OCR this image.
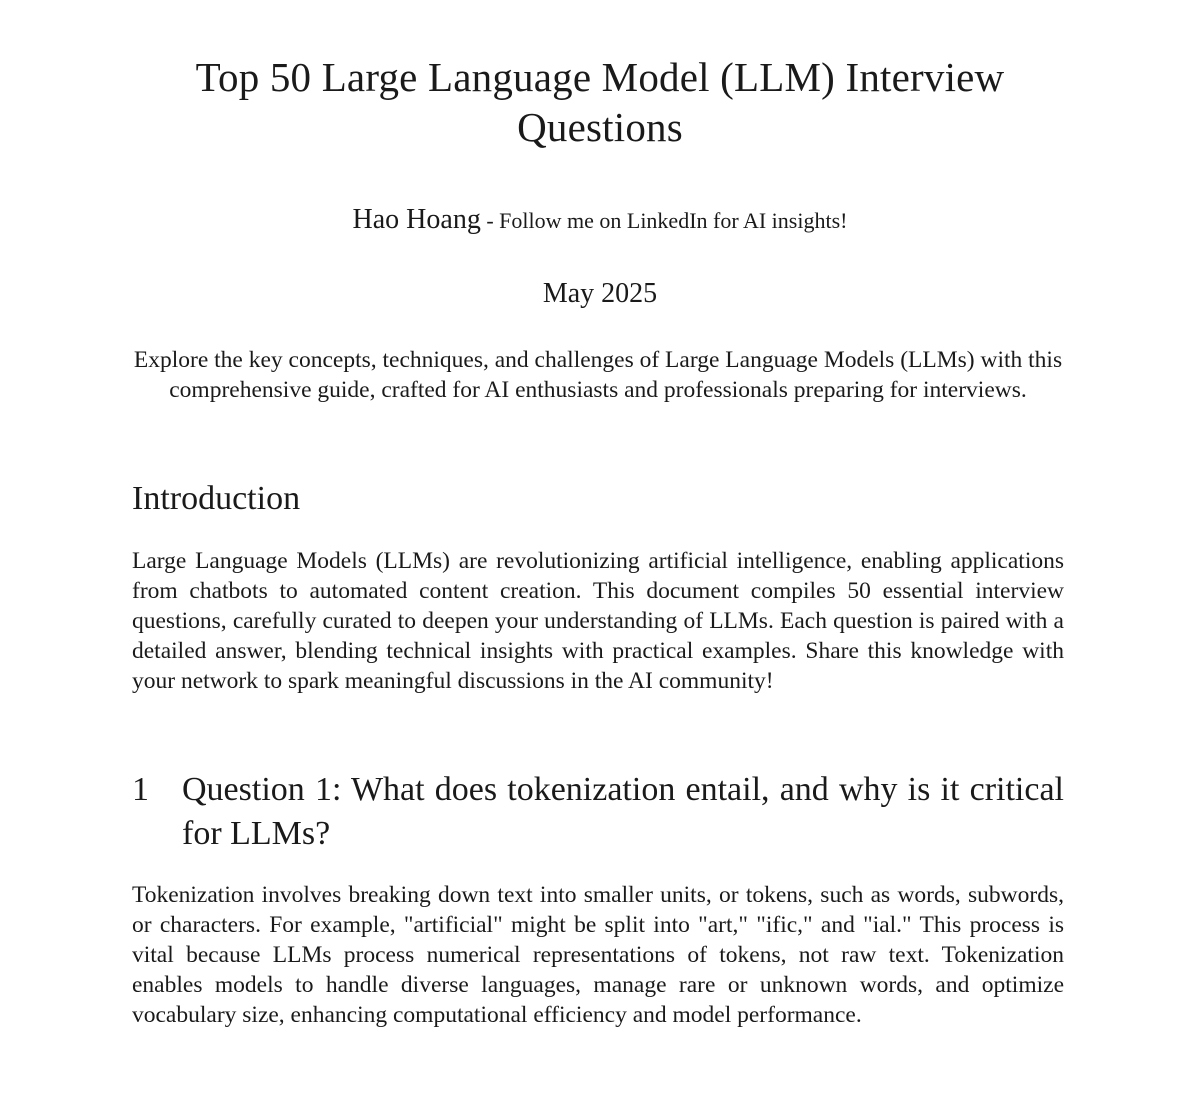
Top 50 Large Language Model (LLM) Interview Questions
Hao Hoang - Follow me on LinkedIn for AI insights!
May 2025

Explore the key concepts, techniques, and challenges of Large Language Models (LLMs) with this comprehensive guide, crafted for AI enthusiasts and professionals preparing for interviews.

Introduction

Large Language Models (LLMs) are revolutionizing artificial intelligence, enabling applications from chatbots to automated content creation. This document compiles 50 essential interview questions, carefully curated to deepen your understanding of LLMs. Each question is paired with a detailed answer, blending technical insights with practical examples. Share this knowledge with your network to spark meaningful discussions in the AI community!

1 Question 1: What does tokenization entail, and why is it critical for LLMs?

Tokenization involves breaking down text into smaller units, or tokens, such as words, subwords, or characters. For example, "artificial" might be split into "art," "ific," and "ial." This process is vital because LLMs process numerical representations of tokens, not raw text. Tokenization enables models to handle diverse languages, manage rare or unknown words, and optimize vocabulary size, enhancing computational efficiency and model performance.
